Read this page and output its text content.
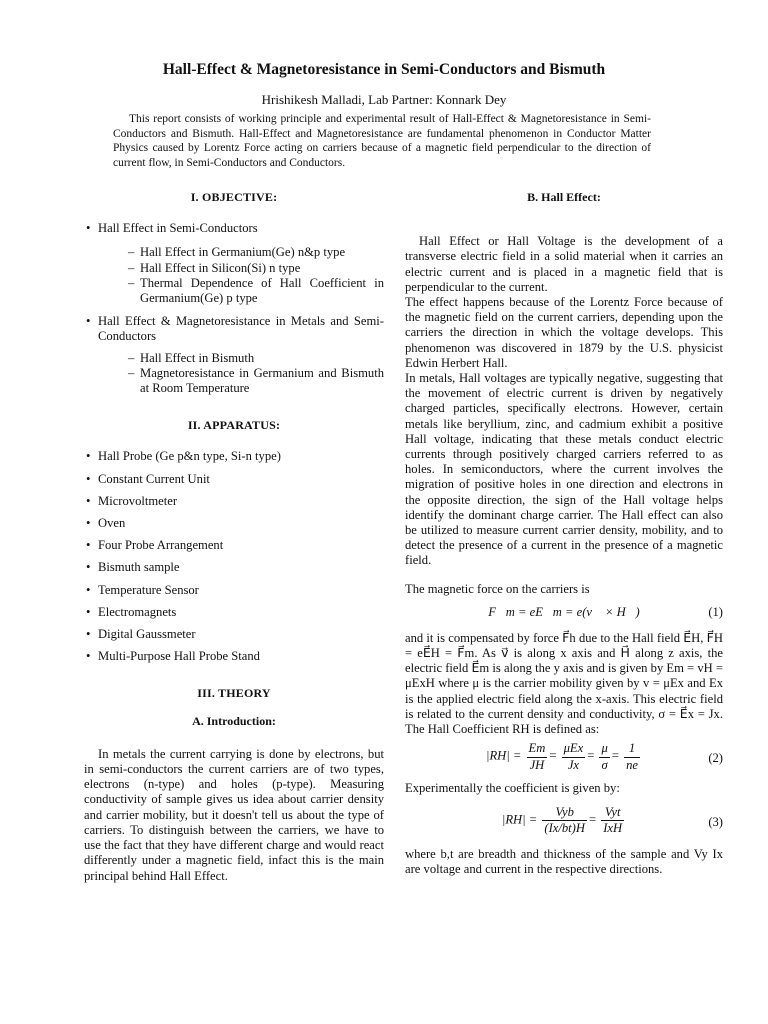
Hall-Effect & Magnetoresistance in Semi-Conductors and Bismuth
Hrishikesh Malladi, Lab Partner: Konnark Dey
This report consists of working principle and experimental result of Hall-Effect & Magnetoresistance in Semi-Conductors and Bismuth. Hall-Effect and Magnetoresistance are fundamental phenomenon in Conductor Matter Physics caused by Lorentz Force acting on carriers because of a magnetic field perpendicular to the direction of current flow, in Semi-Conductors and Conductors.
I. OBJECTIVE:
• Hall Effect in Semi-Conductors
– Hall Effect in Germanium(Ge) n&p type
– Hall Effect in Silicon(Si) n type
– Thermal Dependence of Hall Coefficient in Germanium(Ge) p type
• Hall Effect & Magnetoresistance in Metals and Semi-Conductors
– Hall Effect in Bismuth
– Magnetoresistance in Germanium and Bismuth at Room Temperature
II. APPARATUS:
• Hall Probe (Ge p&n type, Si-n type)
• Constant Current Unit
• Microvoltmeter
• Oven
• Four Probe Arrangement
• Bismuth sample
• Temperature Sensor
• Electromagnets
• Digital Gaussmeter
• Multi-Purpose Hall Probe Stand
III. THEORY
A. Introduction:

In metals the current carrying is done by electrons, but in semi-conductors the current carriers are of two types, electrons (n-type) and holes (p-type). Measuring conductivity of sample gives us idea about carrier density and carrier mobility, but it doesn't tell us about the type of carriers. To distinguish between the carriers, we have to use the fact that they have different charge and would react differently under a magnetic field, infact this is the main principal behind Hall Effect.

B. Hall Effect:

Hall Effect or Hall Voltage is the development of a transverse electric field in a solid material when it carries an electric current and is placed in a magnetic field that is perpendicular to the current.

The effect happens because of the Lorentz Force because of the magnetic field on the current carriers, depending upon the carriers the direction in which the voltage develops. This phenomenon was discovered in 1879 by the U.S. physicist Edwin Herbert Hall.

In metals, Hall voltages are typically negative, suggesting that the movement of electric current is driven by negatively charged particles, specifically electrons. However, certain metals like beryllium, zinc, and cadmium exhibit a positive Hall voltage, indicating that these metals conduct electric currents through positively charged carriers referred to as holes. In semiconductors, where the current involves the migration of positive holes in one direction and electrons in the opposite direction, the sign of the Hall voltage helps identify the dominant charge carrier. The Hall effect can also be utilized to measure current carrier density, mobility, and to detect the presence of a current in the presence of a magnetic field.

The magnetic force on the carriers is

F⃗m = eE⃗m = e(v⃗ × H⃗)	(1)

and it is compensated by force F⃗h due to the Hall field E⃗H, F⃗H = eE⃗H = F⃗m. As v⃗ is along x axis and H⃗ along z axis, the electric field E⃗m is along the y axis and is given by Em = vH = μExH where μ is the carrier mobility given by v = μEx and Ex is the applied electric field along the x-axis. This electric field is related to the current density and conductivity, σ = E⃗x = Jx. The Hall Coefficient RH is defined as:

$|RH| = \frac{Em}{JH} = \frac{\text{μEx}}{Jx} = \frac{\mu}{\sigma} = \frac{1}{ne}$	(2)

Experimentally the coefficient is given by:

$|RH| = \frac{\text{Vyb}}{(Ix/bt)H} = \frac{\text{Vyt}}{\text{IxH}}$	(3)

where b,t are breadth and thickness of the sample and Vy Ix are voltage and current in the respective directions.
